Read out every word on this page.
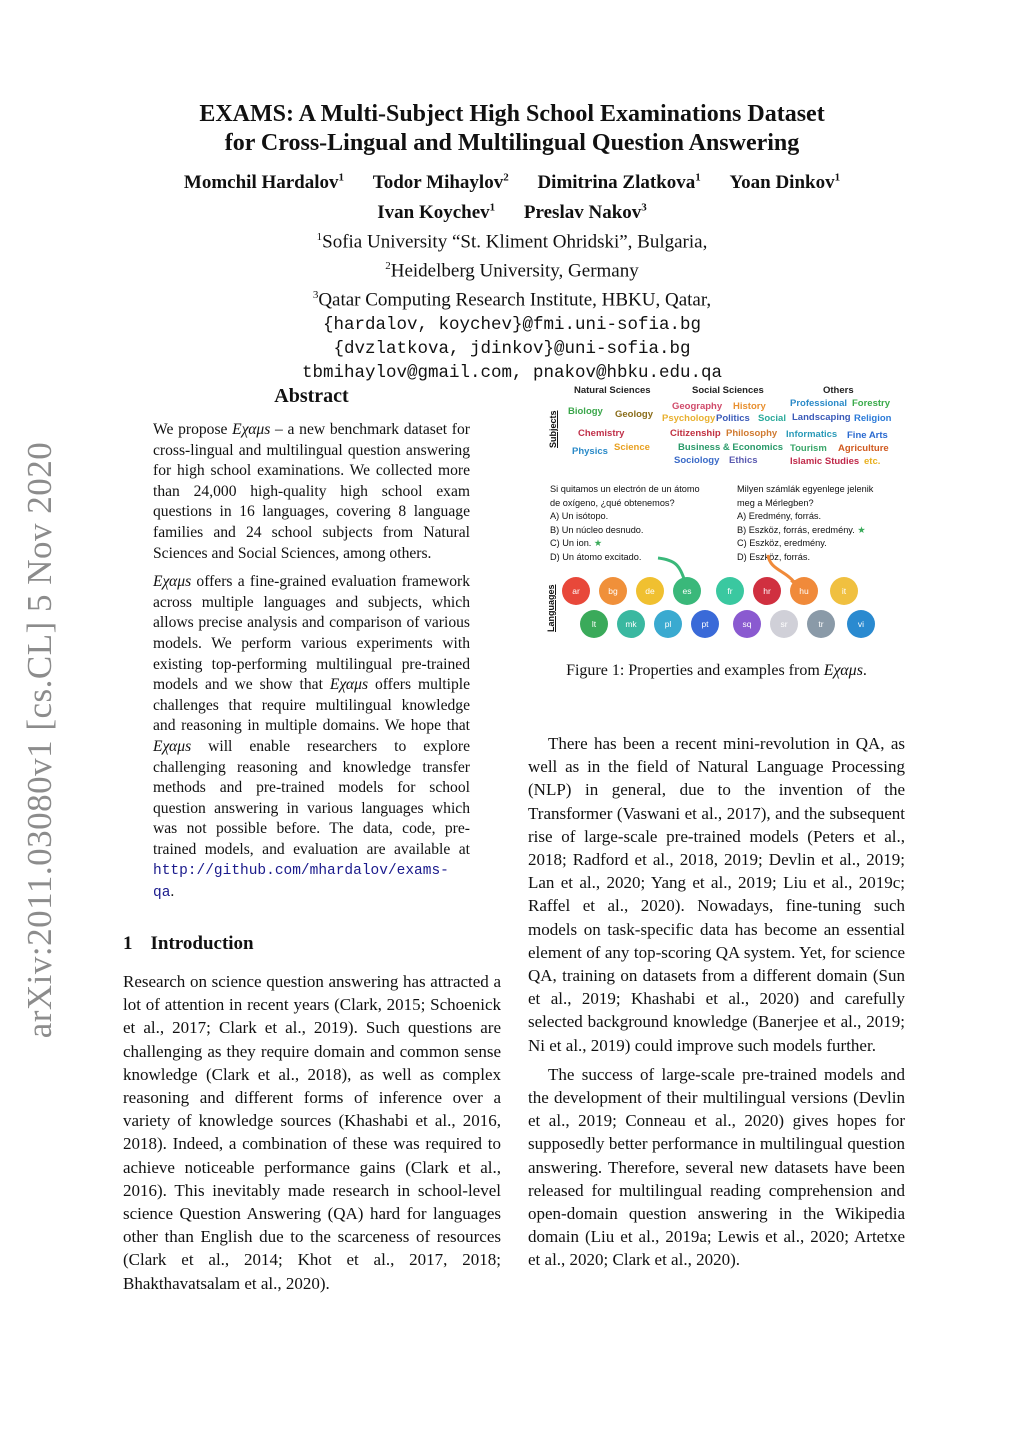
arXiv:2011.03080v1 [cs.CL] 5 Nov 2020
EXAMS: A Multi-Subject High School Examinations Dataset
for Cross-Lingual and Multilingual Question Answering
Momchil Hardalov$^1$ Todor Mihaylov$^2$ Dimitrina Zlatkova$^1$ Yoan Dinkov$^1$
Ivan Koychev$^1$ Preslav Nakov$^3$
$^1$Sofia University “St. Kliment Ohridski”, Bulgaria,
$^2$Heidelberg University, Germany
$^3$Qatar Computing Research Institute, HBKU, Qatar,
{hardalov, koychev}@fmi.uni-sofia.bg
{dvzlatkova, jdinkov}@uni-sofia.bg
tbmihaylov@gmail.com, pnakov@hbku.edu.qa
Abstract

We propose Eχαμs – a new benchmark dataset for cross-lingual and multilingual question answering for high school examinations. We collected more than 24,000 high-quality high school exam questions in 16 languages, covering 8 language families and 24 school subjects from Natural Sciences and Social Sciences, among others.

Eχαμs offers a fine-grained evaluation framework across multiple languages and subjects, which allows precise analysis and comparison of various models. We perform various experiments with existing top-performing multilingual pre-trained models and we show that Eχαμs offers multiple challenges that require multilingual knowledge and reasoning in multiple domains. We hope that Eχαμs will enable researchers to explore challenging reasoning and knowledge transfer methods and pre-trained models for school question answering in various languages which was not possible before. The data, code, pre-trained models, and evaluation are available at http://github.com/mhardalov/exams-qa.

1 Introduction

Research on science question answering has attracted a lot of attention in recent years (Clark, 2015; Schoenick et al., 2017; Clark et al., 2019). Such questions are challenging as they require domain and common sense knowledge (Clark et al., 2018), as well as complex reasoning and different forms of inference over a variety of knowledge sources (Khashabi et al., 2016, 2018). Indeed, a combination of these was required to achieve noticeable performance gains (Clark et al., 2016). This inevitably made research in school-level science Question Answering (QA) hard for languages other than English due to the scarceness of resources (Clark et al., 2014; Khot et al., 2017, 2018; Bhakthavatsalam et al., 2020).

There has been a recent mini-revolution in QA, as well as in the field of Natural Language Processing (NLP) in general, due to the invention of the Transformer (Vaswani et al., 2017), and the subsequent rise of large-scale pre-trained models (Peters et al., 2018; Radford et al., 2018, 2019; Devlin et al., 2019; Lan et al., 2020; Yang et al., 2019; Liu et al., 2019c; Raffel et al., 2020). Nowadays, fine-tuning such models on task-specific data has become an essential element of any top-scoring QA system. Yet, for science QA, training on datasets from a different domain (Sun et al., 2019; Khashabi et al., 2020) and carefully selected background knowledge (Banerjee et al., 2019; Ni et al., 2019) could improve such models further.

The success of large-scale pre-trained models and the development of their multilingual versions (Devlin et al., 2019; Conneau et al., 2020) gives hopes for supposedly better performance in multilingual question answering. Therefore, several new datasets have been released for multilingual reading comprehension and open-domain question answering in the Wikipedia domain (Liu et al., 2019a; Lewis et al., 2020; Artetxe et al., 2020; Clark et al., 2020).

Natural Sciences	Social Sciences	Others
Subjects Biology Geology
Chemistry
Physics Science
Geography History
Psychology Politics Social
Citizenship Philosophy
Business & Economics
Sociology Ethics
Professional Forestry
Landscaping Religion
Informatics Fine Arts
Tourism Agriculture
Islamic Studies etc.
Si quitamos un electrón de un átomo
de oxígeno, ¿qué obtenemos?
A) Un isótopo.
B) Un núcleo desnudo.
C) Un ion. ★
D) Un átomo excitado.
Milyen számlák egyenlege jelenik
meg a Mérlegben?
A) Eredmény, forrás.
B) Eszköz, forrás, eredmény. ★
C) Eszköz, eredmény.
D) Eszköz, forrás.
Languages	ar	bg	de	es	fr	hr	hu	it
lt	mk	pl	pt	sq	sr	tr	vi
Figure 1: Properties and examples from Eχαμs.
